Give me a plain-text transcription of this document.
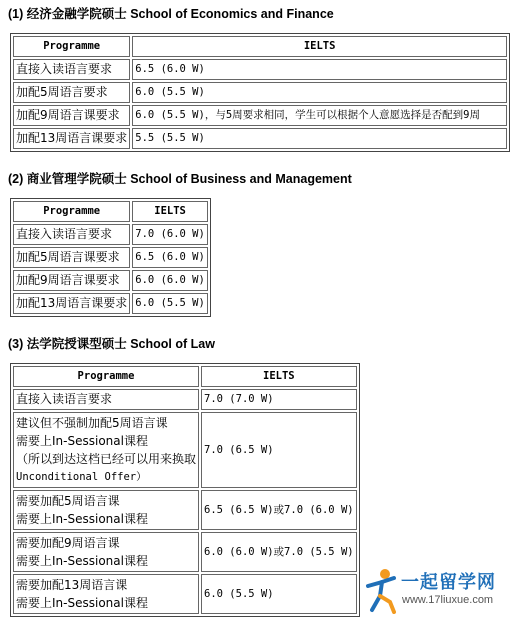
(1) 经济金融学院硕士 School of Economics and Finance
Programme	IELTS
直接入读语言要求	6.5 (6.0 W)
加配5周语言要求	6.0 (5.5 W)
加配9周语言课要求	6.0 (5.5 W)，与5周要求相同，学生可以根据个人意愿选择是否配到9周
加配13周语言课要求	5.5 (5.5 W)
(2) 商业管理学院硕士 School of Business and Management
Programme	IELTS
直接入读语言要求	7.0 (6.0 W)
加配5周语言课要求	6.5 (6.0 W)
加配9周语言课要求	6.0 (6.0 W)
加配13周语言课要求	6.0 (5.5 W)
(3) 法学院授课型硕士 School of Law
Programme	IELTS
直接入读语言要求	7.0 (7.0 W)

建议但不强制加配5周语言课
需要上In-Sessional课程
（所以到达这档已经可以用来换取
Unconditional Offer）	7.0 (6.5 W)

需要加配5周语言课
需要上In-Sessional课程	6.5 (6.5 W)或7.0 (6.0 W)

需要加配9周语言课
需要上In-Sessional课程	6.0 (6.0 W)或7.0 (5.5 W)

需要加配13周语言课
需要上In-Sessional课程	6.0 (5.5 W)
一起留学网
www.17liuxue.com
